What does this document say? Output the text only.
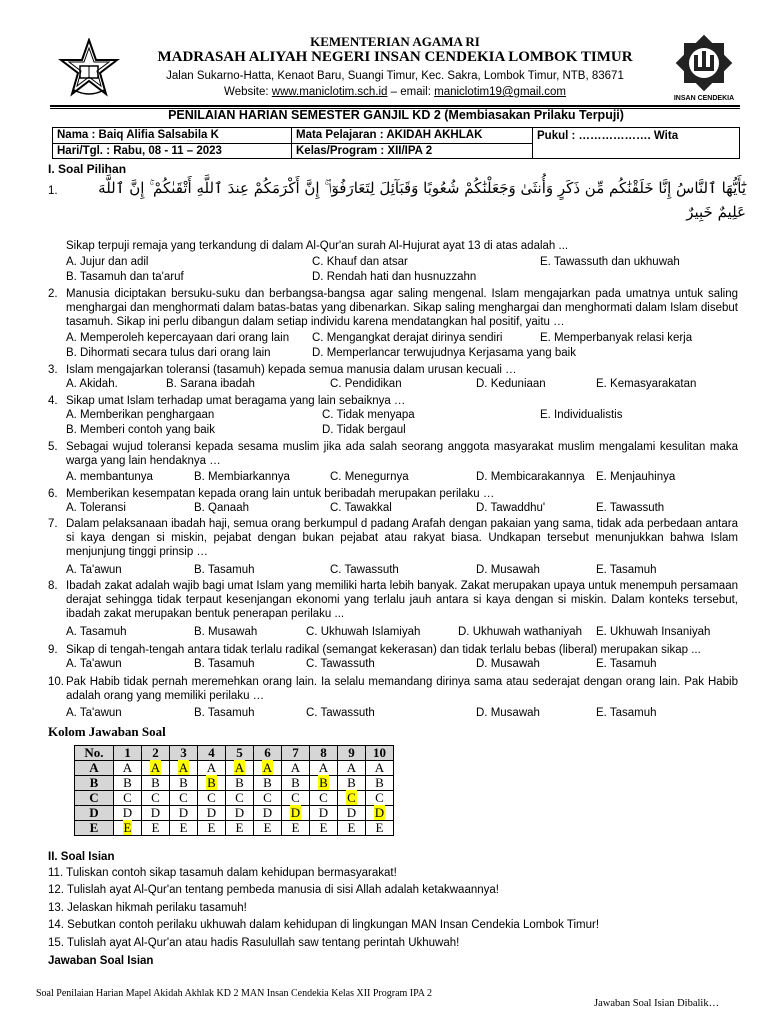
KEMENTERIAN AGAMA RI
MADRASAH ALIYAH NEGERI INSAN CENDEKIA LOMBOK TIMUR
Jalan Sukarno-Hatta, Kenaot Baru, Suangi Timur, Kec. Sakra, Lombok Timur, NTB, 83671
Website: www.maniclotim.sch.id – email: maniclotim19@gmail.com
INSAN CENDEKIA
PENILAIAN HARIAN SEMESTER GANJIL KD 2 (Membiasakan Prilaku Terpuji)
Nama : Baiq Alifia Salsabila K	Mata Pelajaran : AKIDAH AKHLAK	Pukul : ………………. Wita
Hari/Tgl. : Rabu, 08 - 11 – 2023	Kelas/Program : XII/IPA 2	
I. Soal Pilihan
1.	يَٰٓأَيُّهَا ٱلنَّاسُ إِنَّا خَلَقْنَٰكُم مِّن ذَكَرٍ وَأُنثَىٰ وَجَعَلْنَٰكُمْ شُعُوبًا وَقَبَآئِلَ لِتَعَارَفُوٓا۟ ۚ إِنَّ أَكْرَمَكُمْ عِندَ ٱللَّهِ أَتْقَىٰكُمْ ۚ إِنَّ ٱللَّهَ عَلِيمٌ خَبِيرٌ
Sikap terpuji remaja yang terkandung di dalam Al-Qur'an surah Al-Hujurat ayat 13 di atas adalah ...
A. Jujur dan adil	C. Khauf dan atsar	E. Tawassuth dan ukhuwah
B. Tasamuh dan ta'aruf	D. Rendah hati dan husnuzzahn
2. Manusia diciptakan bersuku-suku dan berbangsa-bangsa agar saling mengenal. Islam mengajarkan pada umatnya untuk saling menghargai dan menghormati dalam batas-batas yang dibenarkan. Sikap saling menghargai dan menghormati dalam Islam disebut tasamuh. Sikap ini perlu dibangun dalam setiap individu karena mendatangkan hal positif, yaitu …
A. Memperoleh kepercayaan dari orang lain C. Mengangkat derajat dirinya sendiri	E. Memperbanyak relasi kerja
B. Dihormati secara tulus dari orang lain	D. Memperlancar terwujudnya Kerjasama yang baik
3. Islam mengajarkan toleransi (tasamuh) kepada semua manusia dalam urusan kecuali …
A. Akidah.	B. Sarana ibadah	C. Pendidikan	D. Keduniaan	E. Kemasyarakatan
4. Sikap umat Islam terhadap umat beragama yang lain sebaiknya …
A. Memberikan penghargaan	C. Tidak menyapa	E. Individualistis
B. Memberi contoh yang baik	D. Tidak bergaul
5. Sebagai wujud toleransi kepada sesama muslim jika ada salah seorang anggota masyarakat muslim mengalami kesulitan maka warga yang lain hendaknya …
A. membantunya	B. Membiarkannya	C. Menegurnya	D. Membicarakannya E. Menjauhinya
6. Memberikan kesempatan kepada orang lain untuk beribadah merupakan perilaku …
A. Toleransi	B. Qanaah	C. Tawakkal	D. Tawaddhu'	E. Tawassuth
7. Dalam pelaksanaan ibadah haji, semua orang berkumpul d padang Arafah dengan pakaian yang sama, tidak ada perbedaan antara si kaya dengan si miskin, pejabat dengan bukan pejabat atau rakyat biasa. Undkapan tersebut menunjukkan bahwa Islam menjunjung tinggi prinsip …
A. Ta'awun	B. Tasamuh	C. Tawassuth	D. Musawah	E. Tasamuh
8. Ibadah zakat adalah wajib bagi umat Islam yang memiliki harta lebih banyak. Zakat merupakan upaya untuk menempuh persamaan derajat sehingga tidak terpaut kesenjangan ekonomi yang terlalu jauh antara si kaya dengan si miskin. Dalam konteks tersebut, ibadah zakat merupakan bentuk penerapan perilaku ...
A. Tasamuh	B. Musawah	C. Ukhuwah Islamiyah	D. Ukhuwah wathaniyah E. Ukhuwah Insaniyah
9. Sikap di tengah-tengah antara tidak terlalu radikal (semangat kekerasan) dan tidak terlalu bebas (liberal) merupakan sikap ...
A. Ta'awun	B. Tasamuh	C. Tawassuth	D. Musawah	E. Tasamuh
10. Pak Habib tidak pernah meremehkan orang lain. Ia selalu memandang dirinya sama atau sederajat dengan orang lain. Pak Habib adalah orang yang memiliki perilaku …
A. Ta'awun	B. Tasamuh	C. Tawassuth	D. Musawah	E. Tasamuh
Kolom Jawaban Soal
No.	1	2	3	4	5	6	7	8	9	10
A	A	A	A	A	A	A	A	A	A	A
B	B	B	B	B	B	B	B	B	B	B
C	C	C	C	C	C	C	C	C	C	C
D	D	D	D	D	D	D	D	D	D	D
E	E	E	E	E	E	E	E	E	E	E
II. Soal Isian
11. Tuliskan contoh sikap tasamuh dalam kehidupan bermasyarakat!
12. Tulislah ayat Al-Qur'an tentang pembeda manusia di sisi Allah adalah ketakwaannya!
13. Jelaskan hikmah perilaku tasamuh!
14. Sebutkan contoh perilaku ukhuwah dalam kehidupan di lingkungan MAN Insan Cendekia Lombok Timur!
15. Tulislah ayat Al-Qur'an atau hadis Rasulullah saw tentang perintah Ukhuwah!
Jawaban Soal Isian
Soal Penilaian Harian Mapel Akidah Akhlak KD 2 MAN Insan Cendekia Kelas XII Program IPA 2
Jawaban Soal Isian Dibalik…
